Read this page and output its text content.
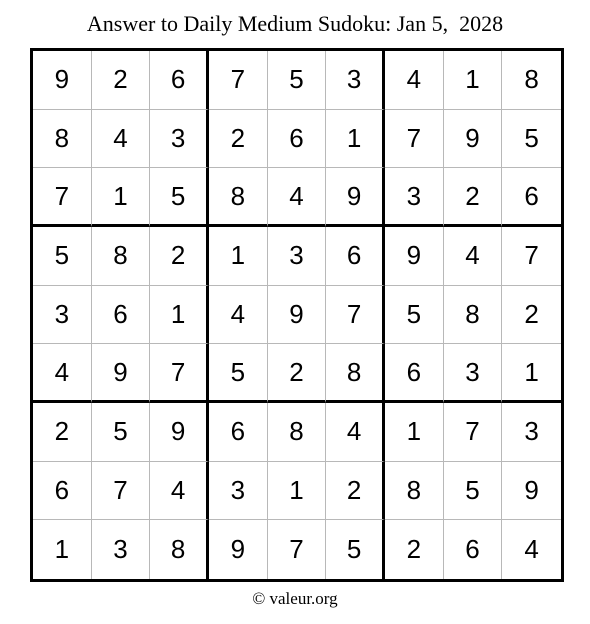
Answer to Daily Medium Sudoku: Jan 5,  2028
9	2	6	7	5	3	4	1	8
8	4	3	2	6	1	7	9	5
7	1	5	8	4	9	3	2	6
5	8	2	1	3	6	9	4	7
3	6	1	4	9	7	5	8	2
4	9	7	5	2	8	6	3	1
2	5	9	6	8	4	1	7	3
6	7	4	3	1	2	8	5	9
1	3	8	9	7	5	2	6	4
© valeur.org
